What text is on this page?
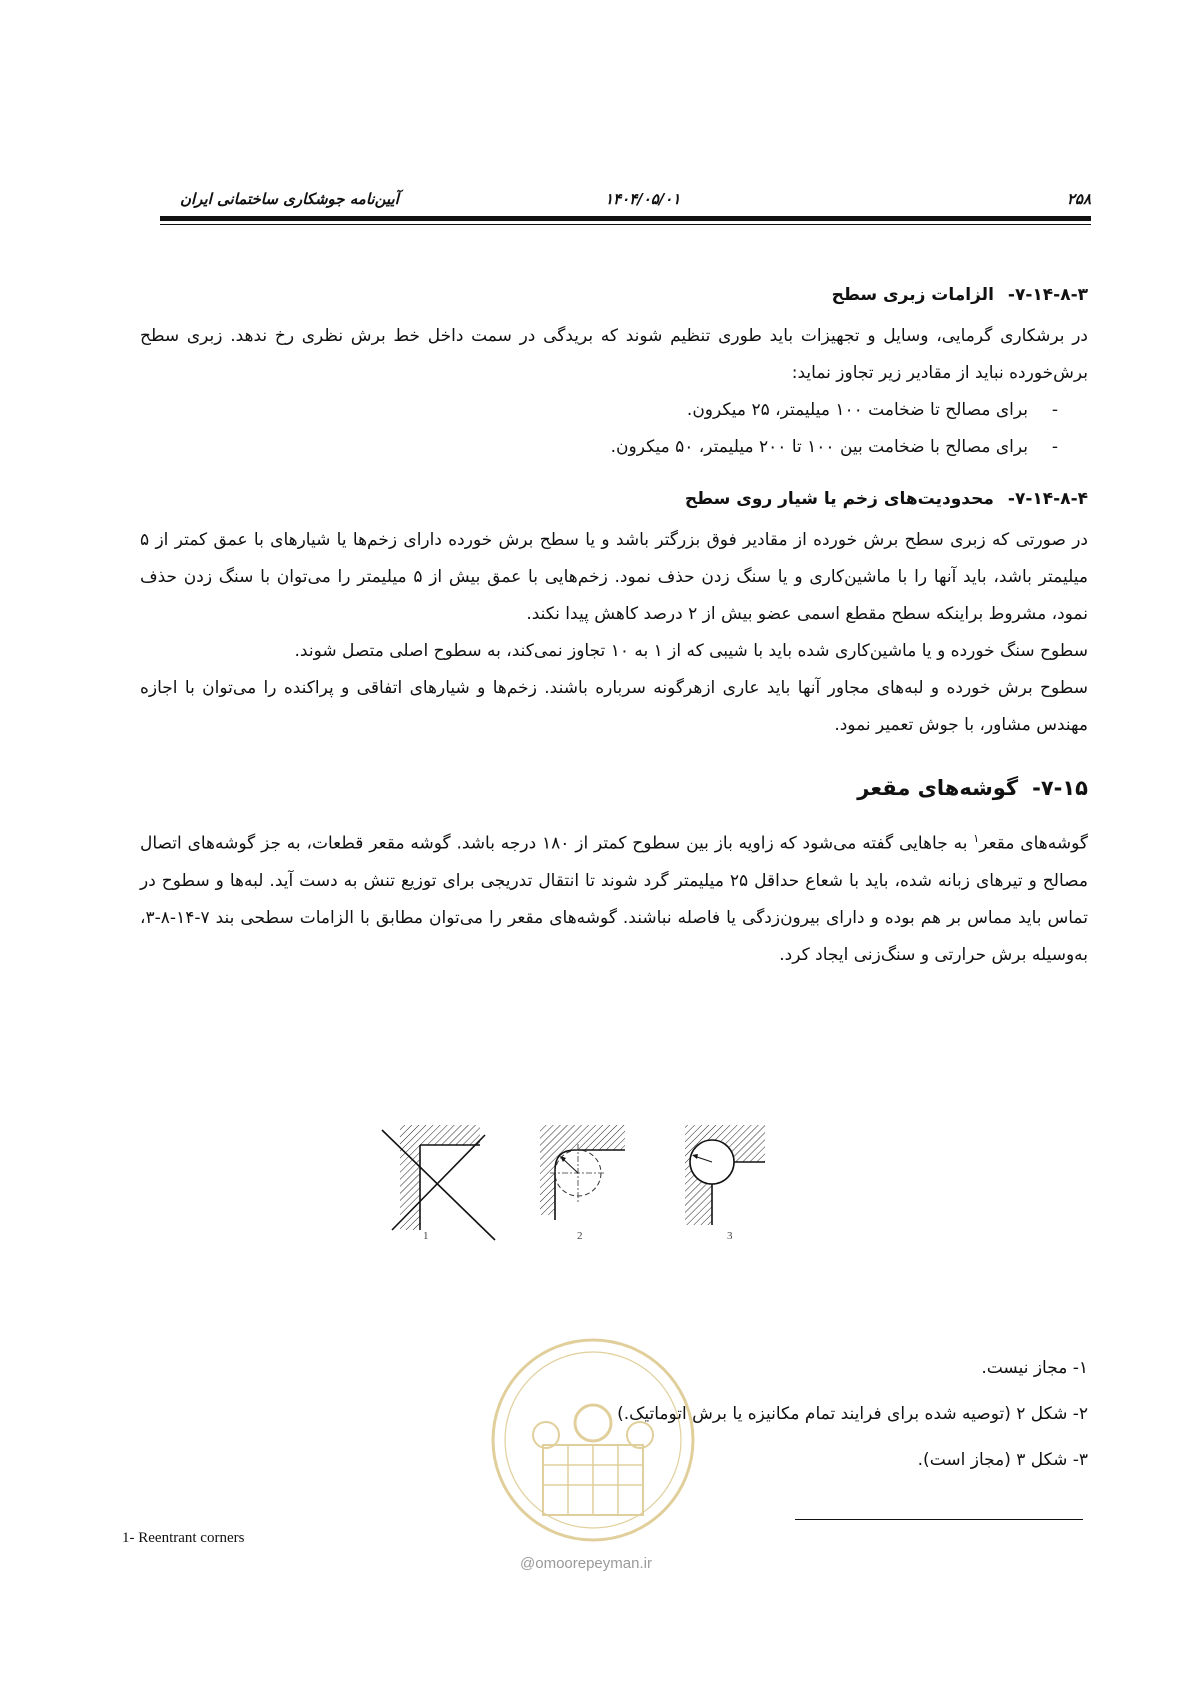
۲۵۸
۱۴۰۴/۰۵/۰۱
آیین‌نامه جوشکاری ساختمانی ایران
۷-۱۴-۸-۳-الزامات زبری سطح

در برشکاری گرمایی، وسایل و تجهیزات باید طوری تنظیم شوند که بریدگی در سمت داخل خط برش نظری رخ ندهد. زبری سطح برش‌خورده نباید از مقادیر زیر تجاوز نماید:

-برای مصالح تا ضخامت ۱۰۰ میلیمتر، ۲۵ میکرون.
-برای مصالح با ضخامت بین ۱۰۰ تا ۲۰۰ میلیمتر، ۵۰ میکرون.
۷-۱۴-۸-۴-محدودیت‌های زخم یا شیار روی سطح

در صورتی که زبری سطح برش خورده از مقادیر فوق بزرگتر باشد و یا سطح برش خورده دارای زخم‌ها یا شیارهای با عمق کمتر از ۵ میلیمتر باشد، باید آنها را با ماشین‌کاری و یا سنگ زدن حذف نمود. زخم‌هایی با عمق بیش از ۵ میلیمتر را می‌توان با سنگ زدن حذف نمود، مشروط براینکه سطح مقطع اسمی عضو بیش از ۲ درصد کاهش پیدا نکند.

سطوح سنگ خورده و یا ماشین‌کاری شده باید با شیبی که از ۱ به ۱۰ تجاوز نمی‌کند، به سطوح اصلی متصل شوند.

سطوح برش خورده و لبه‌های مجاور آنها باید عاری ازهرگونه سرباره باشند. زخم‌ها و شیارهای اتفاقی و پراکنده را می‌توان با اجازه مهندس مشاور، با جوش تعمیر نمود.

۷-۱۵-گوشه‌های مقعر

گوشه‌های مقعر$^۱$ به جاهایی گفته می‌شود که زاویه باز بین سطوح کمتر از ۱۸۰ درجه باشد. گوشه مقعر قطعات، به جز گوشه‌های اتصال مصالح و تیرهای زبانه شده، باید با شعاع حداقل ۲۵ میلیمتر گرد شوند تا انتقال تدریجی برای توزیع تنش به دست آید. لبه‌ها و سطوح در تماس باید مماس بر هم بوده و دارای بیرون‌زدگی یا فاصله نباشند. گوشه‌های مقعر را می‌توان مطابق با الزامات سطحی بند ۷-۱۴-۸-۳، به‌وسیله برش حرارتی و سنگ‌زنی ایجاد کرد.

1	2	3
۱- مجاز نیست.
۲- شکل ۲ (توصیه شده برای فرایند تمام مکانیزه یا برش اتوماتیک.)
۳- شکل ۳ (مجاز است).
@omoorepeyman.ir
1- Reentrant corners
